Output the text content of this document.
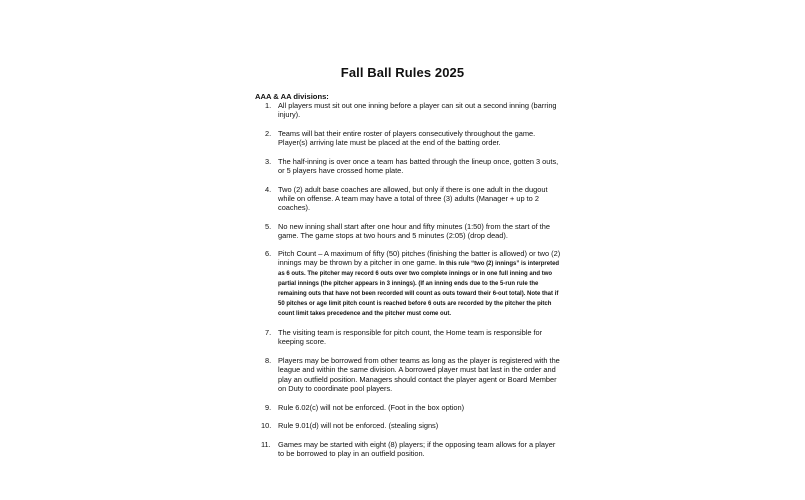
Fall Ball Rules 2025
AAA & AA divisions:
1. All players must sit out one inning before a player can sit out a second inning (barring injury).
2. Teams will bat their entire roster of players consecutively throughout the game. Player(s) arriving late must be placed at the end of the batting order.
3. The half-inning is over once a team has batted through the lineup once, gotten 3 outs, or 5 players have crossed home plate.
4. Two (2) adult base coaches are allowed, but only if there is one adult in the dugout while on offense. A team may have a total of three (3) adults (Manager + up to 2 coaches).
5. No new inning shall start after one hour and fifty minutes (1:50) from the start of the game. The game stops at two hours and 5 minutes (2:05) (drop dead).
6. Pitch Count – A maximum of fifty (50) pitches (finishing the batter is allowed) or two (2) innings may be thrown by a pitcher in one game. In this rule “two (2) innings” is interpreted as 6 outs. The pitcher may record 6 outs over two complete innings or in one full inning and two partial innings (the pitcher appears in 3 innings). (If an inning ends due to the 5-run rule the remaining outs that have not been recorded will count as outs toward their 6-out total). Note that if 50 pitches or age limit pitch count is reached before 6 outs are recorded by the pitcher the pitch count limit takes precedence and the pitcher must come out.
7. The visiting team is responsible for pitch count, the Home team is responsible for keeping score.
8. Players may be borrowed from other teams as long as the player is registered with the league and within the same division. A borrowed player must bat last in the order and play an outfield position. Managers should contact the player agent or Board Member on Duty to coordinate pool players.
9. Rule 6.02(c) will not be enforced. (Foot in the box option)
10. Rule 9.01(d) will not be enforced. (stealing signs)
11. Games may be started with eight (8) players; if the opposing team allows for a player to be borrowed to play in an outfield position.
